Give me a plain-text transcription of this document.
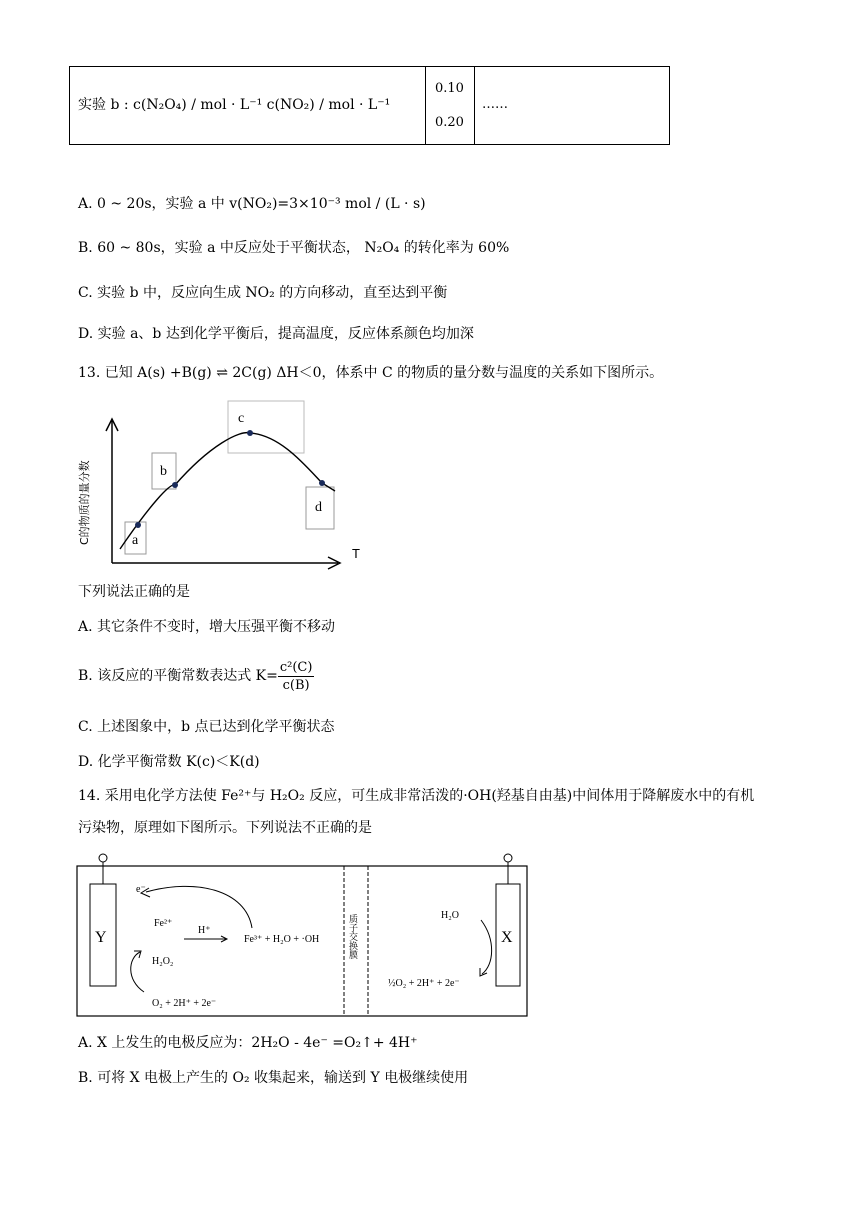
实验 b : c(N₂O₄) / mol · L⁻¹ c(NO₂) / mol · L⁻¹
0.10
0.20
……
A. 0 ~ 20s，实验 a 中 v(NO₂)=3×10⁻³ mol / (L · s)
B. 60 ~ 80s，实验 a 中反应处于平衡状态， N₂O₄ 的转化率为 60%
C. 实验 b 中，反应向生成 NO₂ 的方向移动，直至达到平衡
D. 实验 a、b 达到化学平衡后，提高温度，反应体系颜色均加深
13. 已知 A(s) +B(g) ⇌ 2C(g) ΔH＜0，体系中 C 的物质的量分数与温度的关系如下图所示。
a
b
c
d
T
C的物质的量分数
下列说法正确的是
A. 其它条件不变时，增大压强平衡不移动
B. 该反应的平衡常数表达式 $K= \frac{\text{c²(C)}}{c(B)}$
C. 上述图象中，b 点已达到化学平衡状态
D. 化学平衡常数 K(c)＜K(d)
14. 采用电化学方法使 Fe²⁺与 H₂O₂ 反应，可生成非常活泼的·OH(羟基自由基)中间体用于降解废水中的有机
污染物，原理如下图所示。下列说法不正确的是
Y	X
质子交换膜
e⁻
Fe²⁺
H⁺
Fe³⁺ + H₂O + ·OH
H₂O₂
O₂ + 2H⁺ + 2e⁻
H₂O
½O₂ + 2H⁺ + 2e⁻
A. X 上发生的电极反应为：2H₂O - 4e⁻ =O₂↑+ 4H⁺
B. 可将 X 电极上产生的 O₂ 收集起来，输送到 Y 电极继续使用
